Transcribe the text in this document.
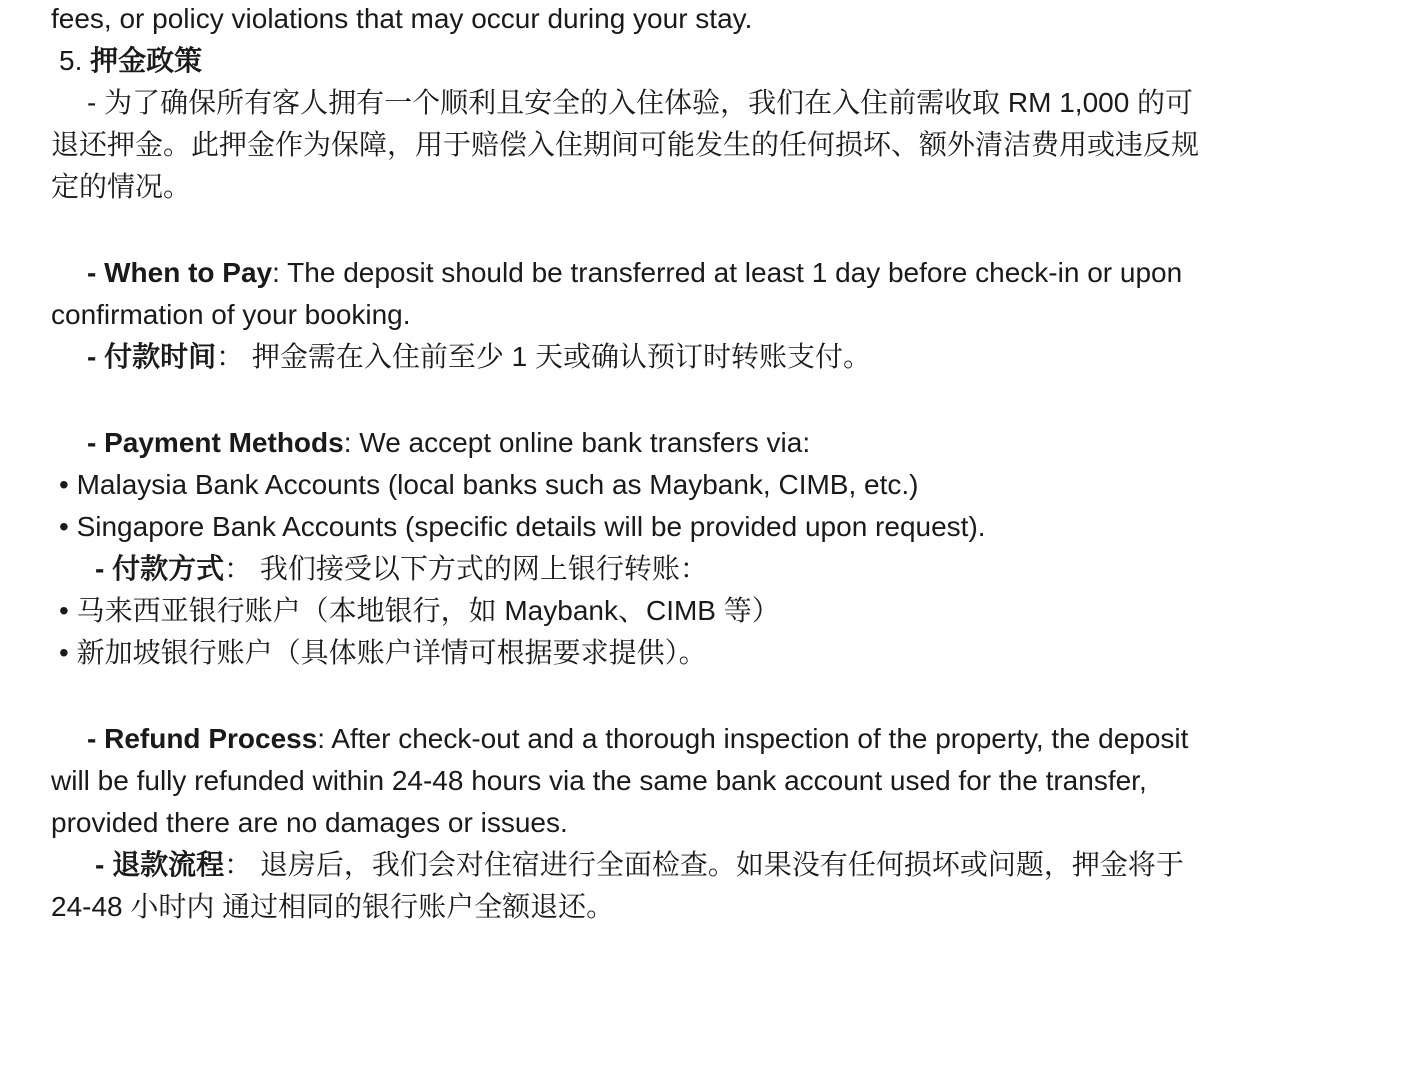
fees, or policy violations that may occur during your stay.
5. 押金政策
- 为了确保所有客人拥有一个顺利且安全的入住体验，我们在入住前需收取 RM 1,000 的可
退还押金。此押金作为保障，用于赔偿入住期间可能发生的任何损坏、额外清洁费用或违反规
定的情况。
- When to Pay: The deposit should be transferred at least 1 day before check-in or upon
confirmation of your booking.
- 付款时间： 押金需在入住前至少 1 天或确认预订时转账支付。
- Payment Methods: We accept online bank transfers via:
• Malaysia Bank Accounts (local banks such as Maybank, CIMB, etc.)
• Singapore Bank Accounts (specific details will be provided upon request).
- 付款方式： 我们接受以下方式的网上银行转账：
• 马来西亚银行账户（本地银行，如 Maybank、CIMB 等）
• 新加坡银行账户（具体账户详情可根据要求提供）。
- Refund Process: After check-out and a thorough inspection of the property, the deposit
will be fully refunded within 24-48 hours via the same bank account used for the transfer,
provided there are no damages or issues.
- 退款流程： 退房后，我们会对住宿进行全面检查。如果没有任何损坏或问题，押金将于
24-48 小时内 通过相同的银行账户全额退还。
